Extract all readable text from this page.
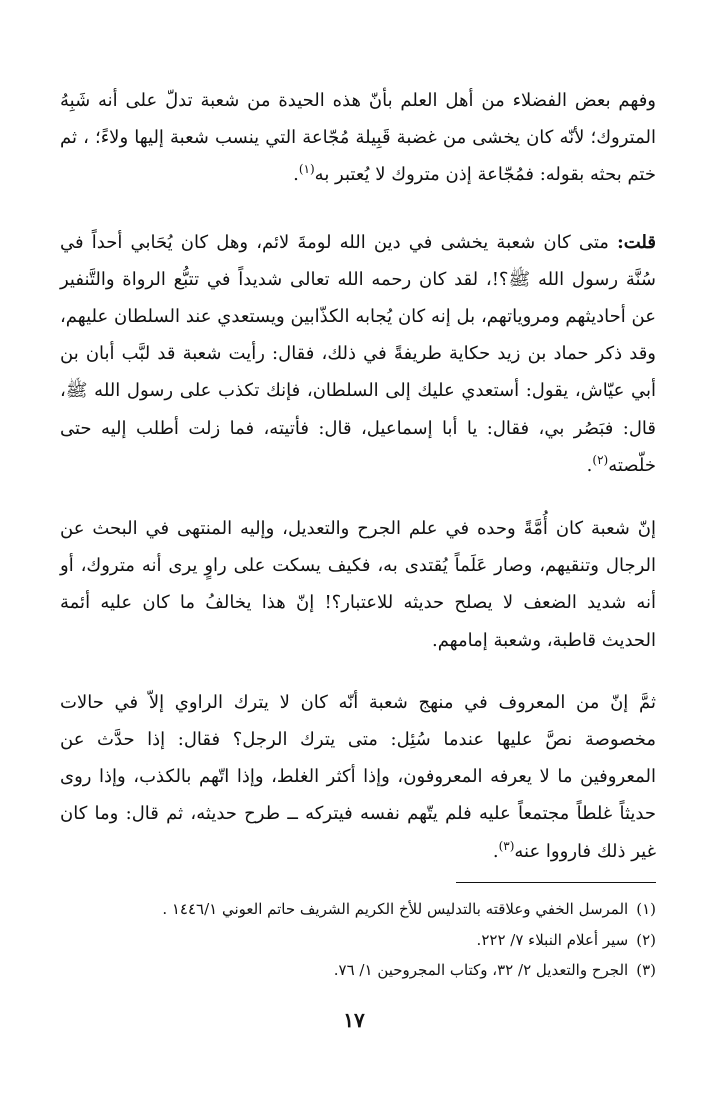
وفهم بعض الفضلاء من أهل العلم بأنّ هذه الحيدة من شعبة تدلّ على أنه شَبِهُ المتروك؛ لأنّه كان يخشى من غضبة قَبِيلة مُجّاعة التي ينسب شعبة إليها ولاءً؛ ، ثم ختم بحثه بقوله: فمُجّاعة إذن متروك لا يُعتبر به$^{(١)}$.

قلت: متى كان شعبة يخشى في دين الله لومةَ لائم، وهل كان يُحَابي أحداً في سُنَّة رسول الله ﷺ؟!، لقد كان رحمه الله تعالى شديداً في تتبُّع الرواة والتَّنفير عن أحاديثهم ومروياتهم، بل إنه كان يُجابه الكذّابين ويستعدي عند السلطان عليهم، وقد ذكر حماد بن زيد حكاية طريفةً في ذلك، فقال: رأيت شعبة قد لبَّب أبان بن أبي عيّاش، يقول: أستعدي عليك إلى السلطان، فإنك تكذب على رسول الله ﷺ، قال: فبَصُر بي، فقال: يا أبا إسماعيل، قال: فأتيته، فما زلت أطلب إليه حتى خلّصته$^{(٢)}$.

إنّ شعبة كان أُمَّةً وحده في علم الجرح والتعديل، وإليه المنتهى في البحث عن الرجال وتنقيهم، وصار عَلَماً يُقتدى به، فكيف يسكت على راوٍ يرى أنه متروك، أو أنه شديد الضعف لا يصلح حديثه للاعتبار؟! إنّ هذا يخالفُ ما كان عليه أئمة الحديث قاطبة، وشعبة إمامهم.

ثمَّ إنّ من المعروف في منهج شعبة أنّه كان لا يترك الراوي إلاّ في حالات مخصوصة نصَّ عليها عندما سُئِل: متى يترك الرجل؟ فقال: إذا حدَّث عن المعروفين ما لا يعرفه المعروفون، وإذا أكثر الغلط، وإذا اتّهم بالكذب، وإذا روى حديثاً غلطاً مجتمعاً عليه فلم يتّهم نفسه فيتركه ــ طرح حديثه، ثم قال: وما كان غير ذلك فارووا عنه$^{(٣)}$.

(١)المرسل الخفي وعلاقته بالتدليس للأخ الكريم الشريف حاتم العوني ١٤٤٦/١ .

(٢)سير أعلام النبلاء ٧/ ٢٢٢.

(٣)الجرح والتعديل ٢/ ٣٢، وكتاب المجروحين ١/ ٧٦.

١٧
